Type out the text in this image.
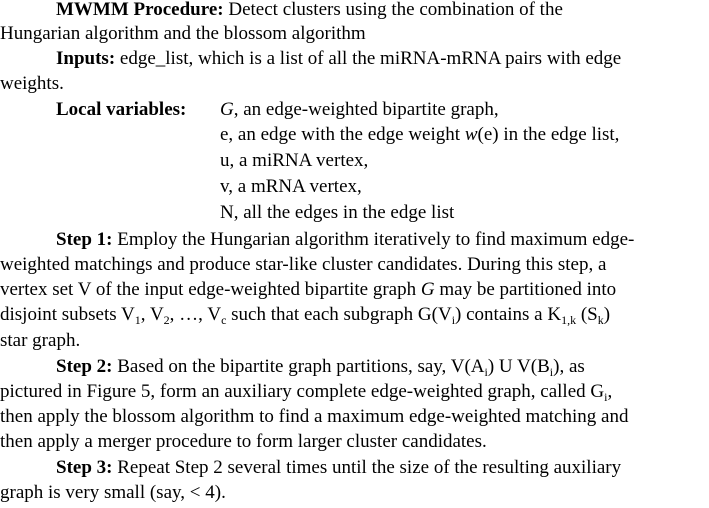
MWMM Procedure: Detect clusters using the combination of the
Hungarian algorithm and the blossom algorithm
Inputs: edge_list, which is a list of all the miRNA-mRNA pairs with edge
weights.
Local variables: G, an edge-weighted bipartite graph,
e, an edge with the edge weight w(e) in the edge list,
u, a miRNA vertex,
v, a mRNA vertex,
N, all the edges in the edge list
Step 1: Employ the Hungarian algorithm iteratively to find maximum edge-
weighted matchings and produce star-like cluster candidates. During this step, a
vertex set V of the input edge-weighted bipartite graph G may be partitioned into
disjoint subsets $V_1$, $V_2$, …, $V_c$ such that each subgraph $G(V_i)$ contains a $K_{1,k}$ $(S_k)$
star graph.
Step 2: Based on the bipartite graph partitions, say, $V(A_i)$ U $V(B_i)$, as
pictured in Figure 5, form an auxiliary complete edge-weighted graph, called $G_i$,
then apply the blossom algorithm to find a maximum edge-weighted matching and
then apply a merger procedure to form larger cluster candidates.
Step 3: Repeat Step 2 several times until the size of the resulting auxiliary
graph is very small (say, < 4).
